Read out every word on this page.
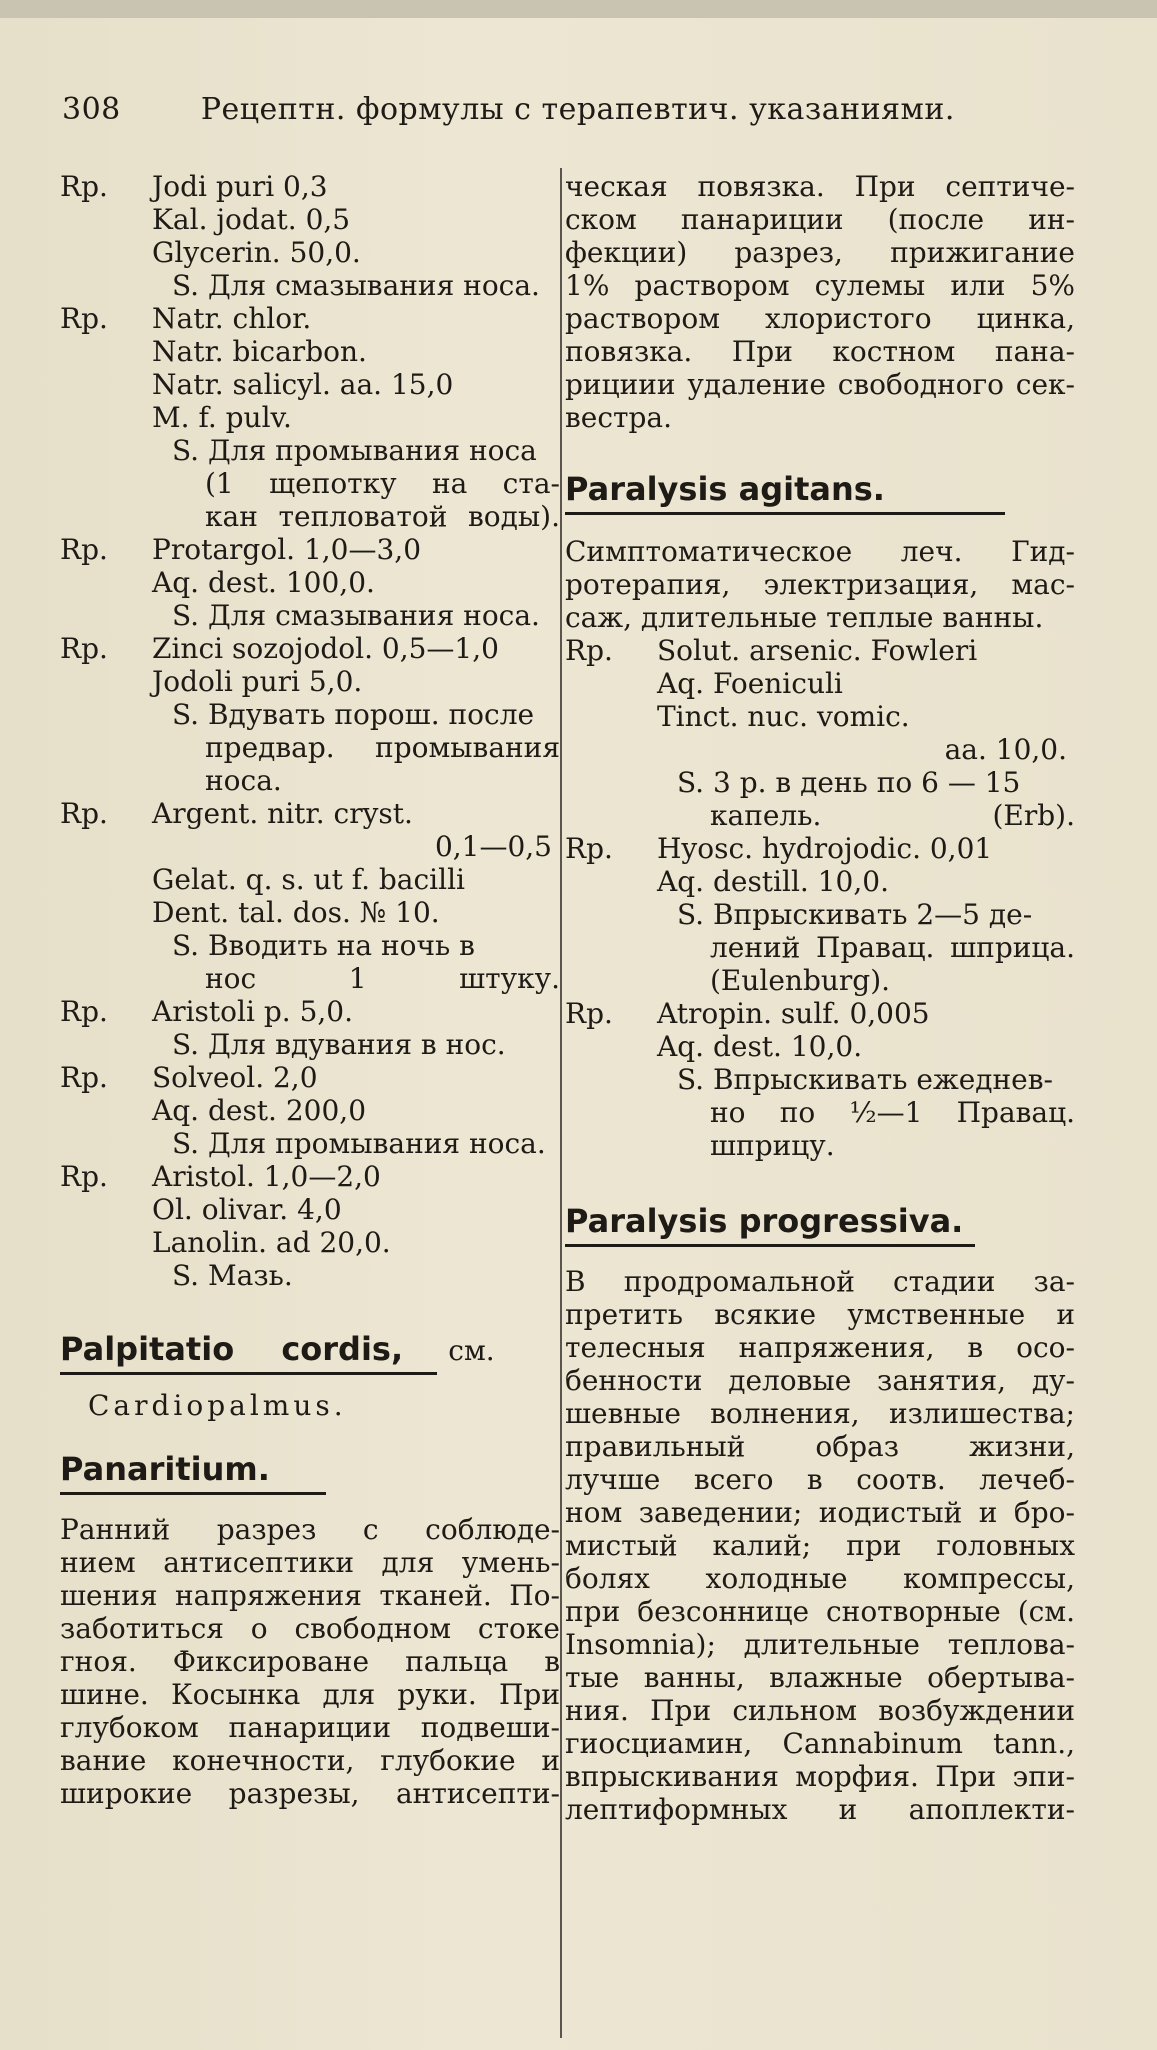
308	Рецептн. формулы с терапевтич. указаниями.
Rp. Jodi puri 0,3
Kal. jodat. 0,5
Glycerin. 50,0.
S. Для смазывания носа.
Rp. Natr. chlor.
Natr. bicarbon.
Natr. salicyl. aa. 15,0
M. f. pulv.
S. Для промывания носа
(1 щепотку на ста-
кан тепловатой воды).
Rp. Protargol. 1,0—3,0
Aq. dest. 100,0.
S. Для смазывания носа.
Rp. Zinci sozojodol. 0,5—1,0
Jodoli puri 5,0.
S. Вдувать порош. после
предвар. промывания
носа.
Rp. Argent. nitr. cryst.
0,1—0,5
Gelat. q. s. ut f. bacilli
Dent. tal. dos. № 10.
S. Вводить на ночь в
нос 1 штуку.
Rp. Aristoli p. 5,0.
S. Для вдувания в нос.
Rp. Solveol. 2,0
Aq. dest. 200,0
S. Для промывания носа.
Rp. Aristol. 1,0—2,0
Ol. olivar. 4,0
Lanolin. ad 20,0.
S. Мазь.
Palpitatio cordis, см.
Cardiopalmus.
Panaritium.
Ранний разрез с соблюде-
нием антисептики для умень-
шения напряжения тканей. По-
заботиться о свободном стоке
гноя. Фиксироване пальца в
шине. Косынка для руки. При
глубоком панариции подвеши-
вание конечности, глубокие и
широкие разрезы, антисепти-
ческая повязка. При септиче-
ском панариции (после ин-
фекции) разрез, прижигание
1% раствором сулемы или 5%
раствором хлористого цинка,
повязка. При костном пана-
рициии удаление свободного сек-
вестра.
Paralysis agitans.
Симптоматическое леч. Гид-
ротерапия, электризация, мас-
саж, длительные теплые ванны.
Rp. Solut. arsenic. Fowleri
Aq. Foeniculi
Tinct. nuc. vomic.
aa. 10,0.
S. 3 р. в день по 6 — 15
капель. (Erb).
Rp. Hyosc. hydrojodic. 0,01
Aq. destill. 10,0.
S. Впрыскивать 2—5 де-
лений Правац. шприца.
(Eulenburg).
Rp. Atropin. sulf. 0,005
Aq. dest. 10,0.
S. Впрыскивать ежеднев-
но по ½—1 Правац.
шприцу.
Paralysis progressiva.
В продромальной стадии за-
претить всякие умственные и
телесныя напряжения, в осо-
бенности деловые занятия, ду-
шевные волнения, излишества;
правильный образ жизни,
лучше всего в соотв. лечеб-
ном заведении; иодистый и бро-
мистый калий; при головных
болях холодные компрессы,
при безсоннице снотворные (см.
Insomnia); длительные теплова-
тые ванны, влажные обертыва-
ния. При сильном возбуждении
гиосциамин, Cannabinum tann.,
впрыскивания морфия. При эпи-
лептиформных и апоплекти-
